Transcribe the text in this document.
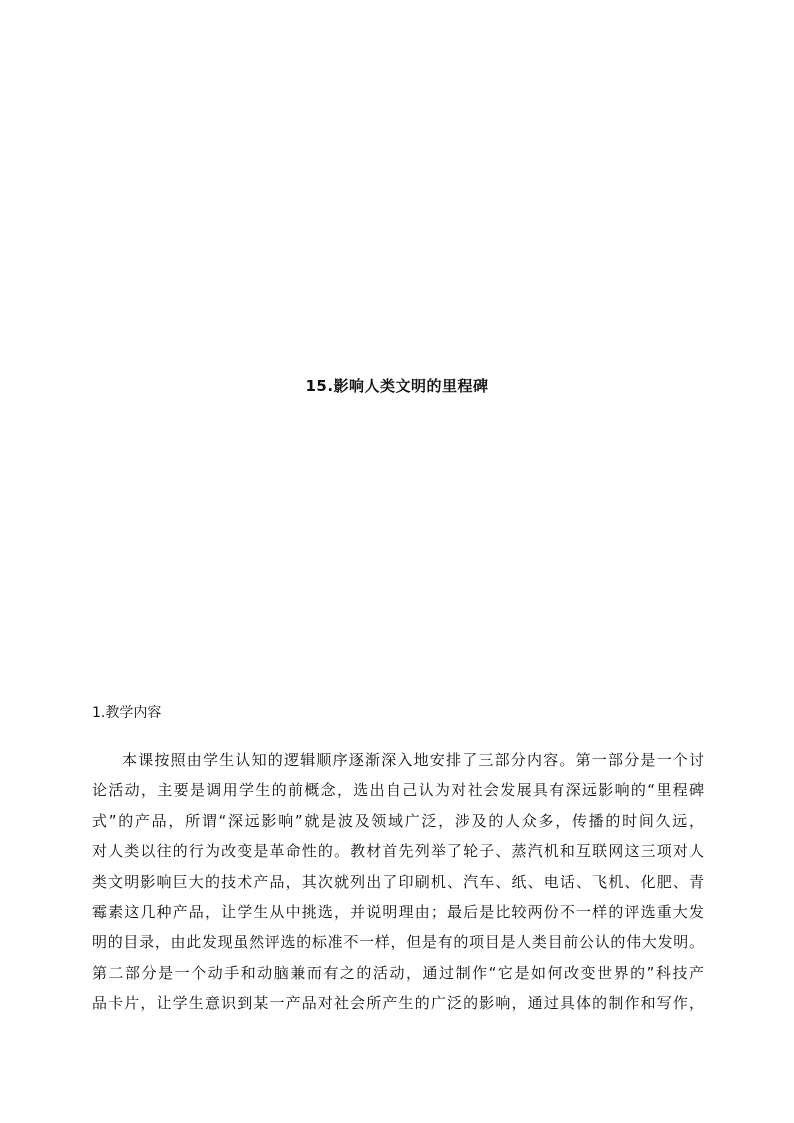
15.影响人类文明的里程碑
1.教学内容
本课按照由学生认知的逻辑顺序逐渐深入地安排了三部分内容。第一部分是一个讨
论活动，主要是调用学生的前概念，选出自己认为对社会发展具有深远影响的“里程碑
式”的产品，所谓“深远影响”就是波及领域广泛，涉及的人众多，传播的时间久远，
对人类以往的行为改变是革命性的。教材首先列举了轮子、蒸汽机和互联网这三项对人
类文明影响巨大的技术产品，其次就列出了印刷机、汽车、纸、电话、飞机、化肥、青
霉素这几种产品，让学生从中挑选，并说明理由；最后是比较两份不一样的评选重大发
明的目录，由此发现虽然评选的标准不一样，但是有的项目是人类目前公认的伟大发明。
第二部分是一个动手和动脑兼而有之的活动，通过制作“它是如何改变世界的”科技产
品卡片，让学生意识到某一产品对社会所产生的广泛的影响，通过具体的制作和写作，
